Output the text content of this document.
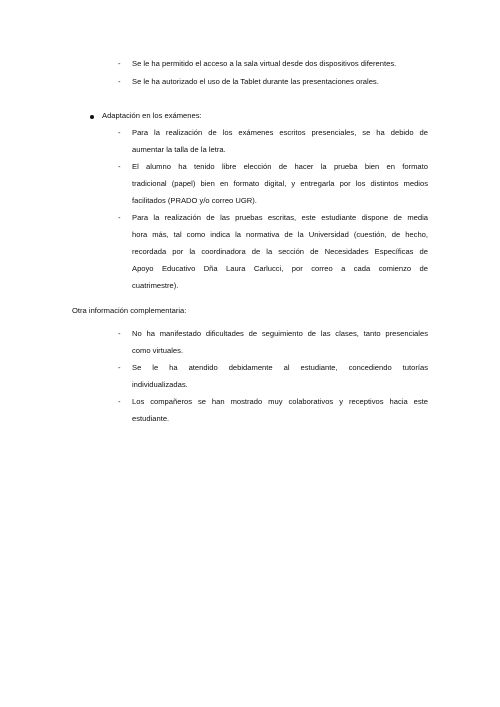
- Se le ha permitido el acceso a la sala virtual desde dos dispositivos diferentes.
- Se le ha autorizado el uso de la Tablet durante las presentaciones orales.
Adaptación en los exámenes:
- Para la realización de los exámenes escritos presenciales, se ha debido de
aumentar la talla de la letra.
- El alumno ha tenido libre elección de hacer la prueba bien en formato
tradicional (papel) bien en formato digital, y entregarla por los distintos medios
facilitados (PRADO y/o correo UGR).
- Para la realización de las pruebas escritas, este estudiante dispone de media
hora más, tal como indica la normativa de la Universidad (cuestión, de hecho,
recordada por la coordinadora de la sección de Necesidades Específicas de
Apoyo Educativo Dña Laura Carlucci, por correo a cada comienzo de
cuatrimestre).
Otra información complementaria:
- No ha manifestado dificultades de seguimiento de las clases, tanto presenciales
como virtuales.
- Se le ha atendido debidamente al estudiante, concediendo tutorías
individualizadas.
- Los compañeros se han mostrado muy colaborativos y receptivos hacia este
estudiante.
